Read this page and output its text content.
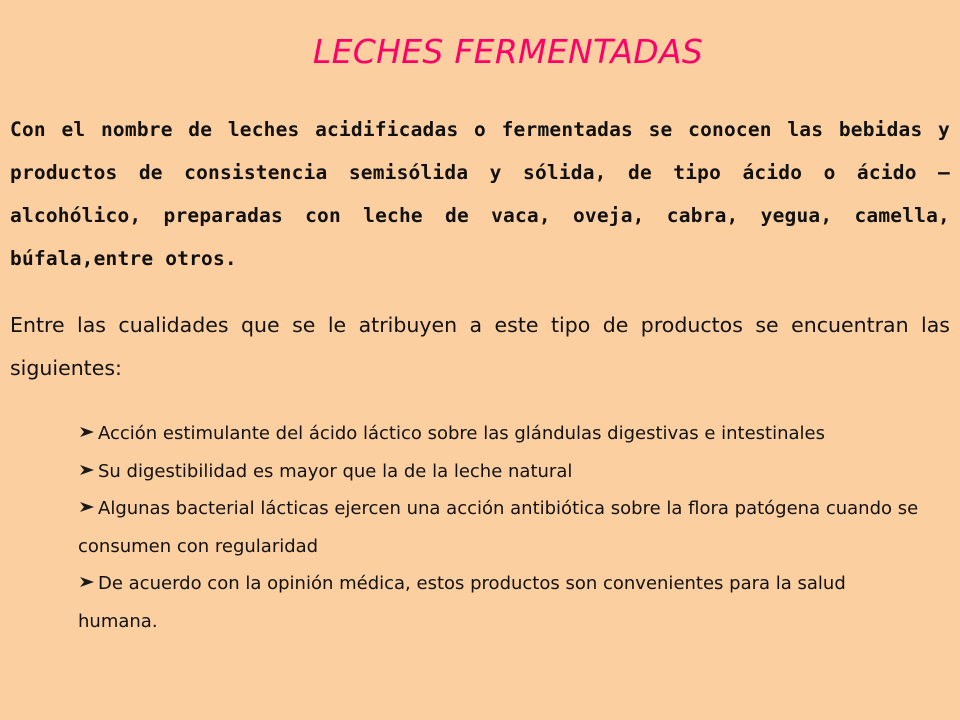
LECHES FERMENTADAS

Con el nombre de leches acidificadas o fermentadas se conocen las bebidas y productos de consistencia semisólida y sólida, de tipo ácido o ácido – alcohólico, preparadas con leche de vaca, oveja, cabra, yegua, camella, búfala,entre otros.

Entre las cualidades que se le atribuyen a este tipo de productos se encuentran las siguientes:

Acción estimulante del ácido láctico sobre las glándulas digestivas e intestinales
Su digestibilidad es mayor que la de la leche natural
Algunas bacterial lácticas ejercen una acción antibiótica sobre la flora patógena cuando se consumen con regularidad
De acuerdo con la opinión médica, estos productos son convenientes para la salud humana.
